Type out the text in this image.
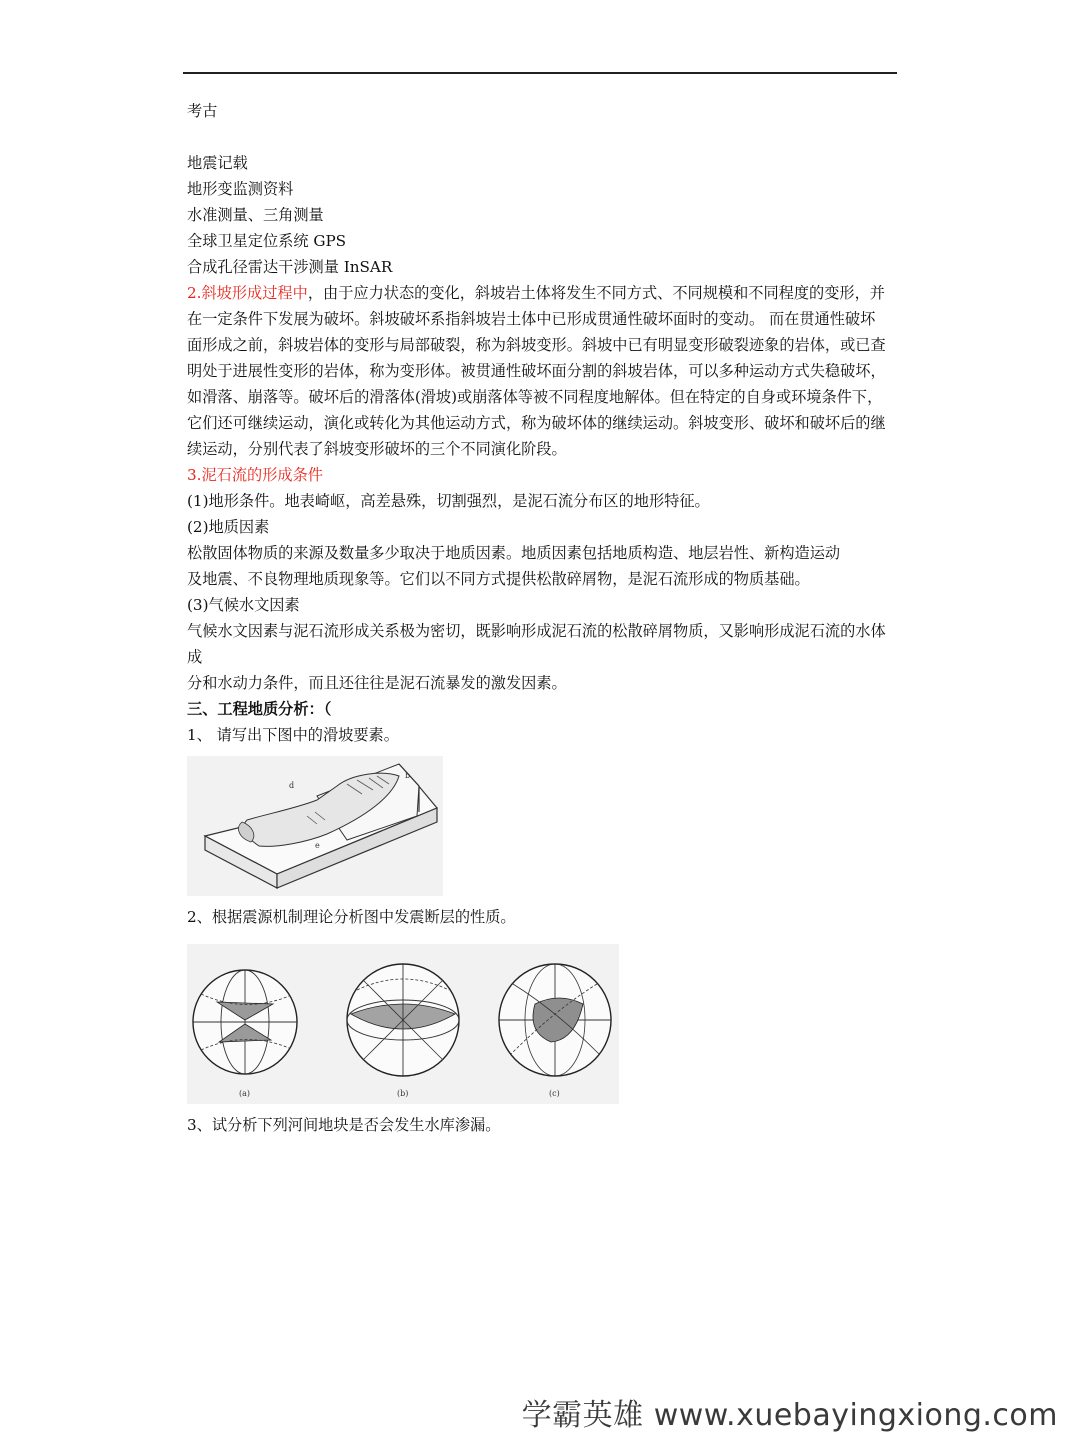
考古

地震记载

地形变监测资料

水准测量、三角测量

全球卫星定位系统 GPS

合成孔径雷达干涉测量 InSAR

2.斜坡形成过程中，由于应力状态的变化，斜坡岩土体将发生不同方式、不同规模和不同程度的变形，并在一定条件下发展为破坏。斜坡破坏系指斜坡岩土体中已形成贯通性破坏面时的变动。 而在贯通性破坏面形成之前，斜坡岩体的变形与局部破裂，称为斜坡变形。斜坡中已有明显变形破裂迹象的岩体，或已查明处于进展性变形的岩体，称为变形体。被贯通性破坏面分割的斜坡岩体，可以多种运动方式失稳破坏，如滑落、崩落等。破坏后的滑落体(滑坡)或崩落体等被不同程度地解体。但在特定的自身或环境条件下，它们还可继续运动，演化或转化为其他运动方式，称为破坏体的继续运动。斜坡变形、破坏和破坏后的继续运动，分别代表了斜坡变形破坏的三个不同演化阶段。

3.泥石流的形成条件

(1)地形条件。地表崎岖，高差悬殊，切割强烈，是泥石流分布区的地形特征。

(2)地质因素

松散固体物质的来源及数量多少取决于地质因素。地质因素包括地质构造、地层岩性、新构造运动

及地震、不良物理地质现象等。它们以不同方式提供松散碎屑物，是泥石流形成的物质基础。

(3)气候水文因素

气候水文因素与泥石流形成关系极为密切，既影响形成泥石流的松散碎屑物质，又影响形成泥石流的水体成

分和水动力条件，而且还往往是泥石流暴发的激发因素。

三、工程地质分析：（

1、 请写出下图中的滑坡要素。

b
d
e

2、根据震源机制理论分析图中发震断层的性质。

(a)	(b)	(c)

3、试分析下列河间地块是否会发生水库渗漏。

学霸英雄 www.xuebayingxiong.com
